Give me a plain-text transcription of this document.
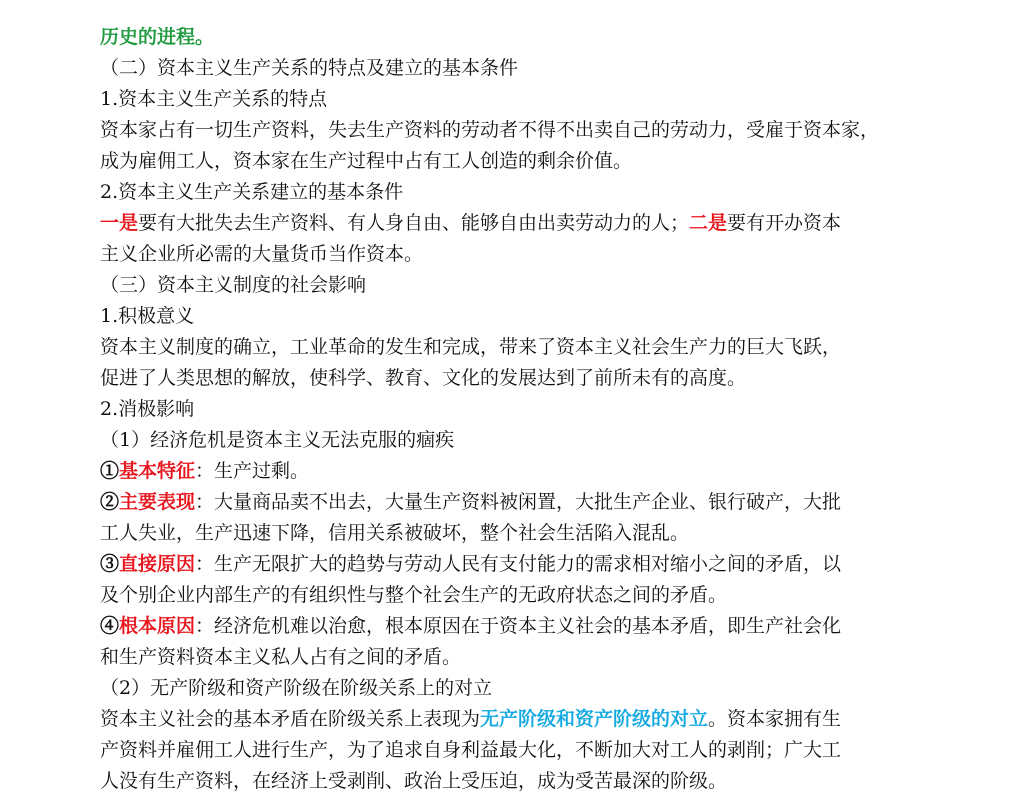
历史的进程。
（二）资本主义生产关系的特点及建立的基本条件
1.资本主义生产关系的特点
资本家占有一切生产资料，失去生产资料的劳动者不得不出卖自己的劳动力，受雇于资本家，
成为雇佣工人，资本家在生产过程中占有工人创造的剩余价值。
2.资本主义生产关系建立的基本条件
一是要有大批失去生产资料、有人身自由、能够自由出卖劳动力的人；二是要有开办资本
主义企业所必需的大量货币当作资本。
（三）资本主义制度的社会影响
1.积极意义
资本主义制度的确立，工业革命的发生和完成，带来了资本主义社会生产力的巨大飞跃，
促进了人类思想的解放，使科学、教育、文化的发展达到了前所未有的高度。
2.消极影响
（1）经济危机是资本主义无法克服的痼疾
①基本特征：生产过剩。
②主要表现：大量商品卖不出去，大量生产资料被闲置，大批生产企业、银行破产，大批
工人失业，生产迅速下降，信用关系被破坏，整个社会生活陷入混乱。
③直接原因：生产无限扩大的趋势与劳动人民有支付能力的需求相对缩小之间的矛盾，以
及个别企业内部生产的有组织性与整个社会生产的无政府状态之间的矛盾。
④根本原因：经济危机难以治愈，根本原因在于资本主义社会的基本矛盾，即生产社会化
和生产资料资本主义私人占有之间的矛盾。
（2）无产阶级和资产阶级在阶级关系上的对立
资本主义社会的基本矛盾在阶级关系上表现为无产阶级和资产阶级的对立。资本家拥有生
产资料并雇佣工人进行生产，为了追求自身利益最大化，不断加大对工人的剥削；广大工
人没有生产资料，在经济上受剥削、政治上受压迫，成为受苦最深的阶级。
